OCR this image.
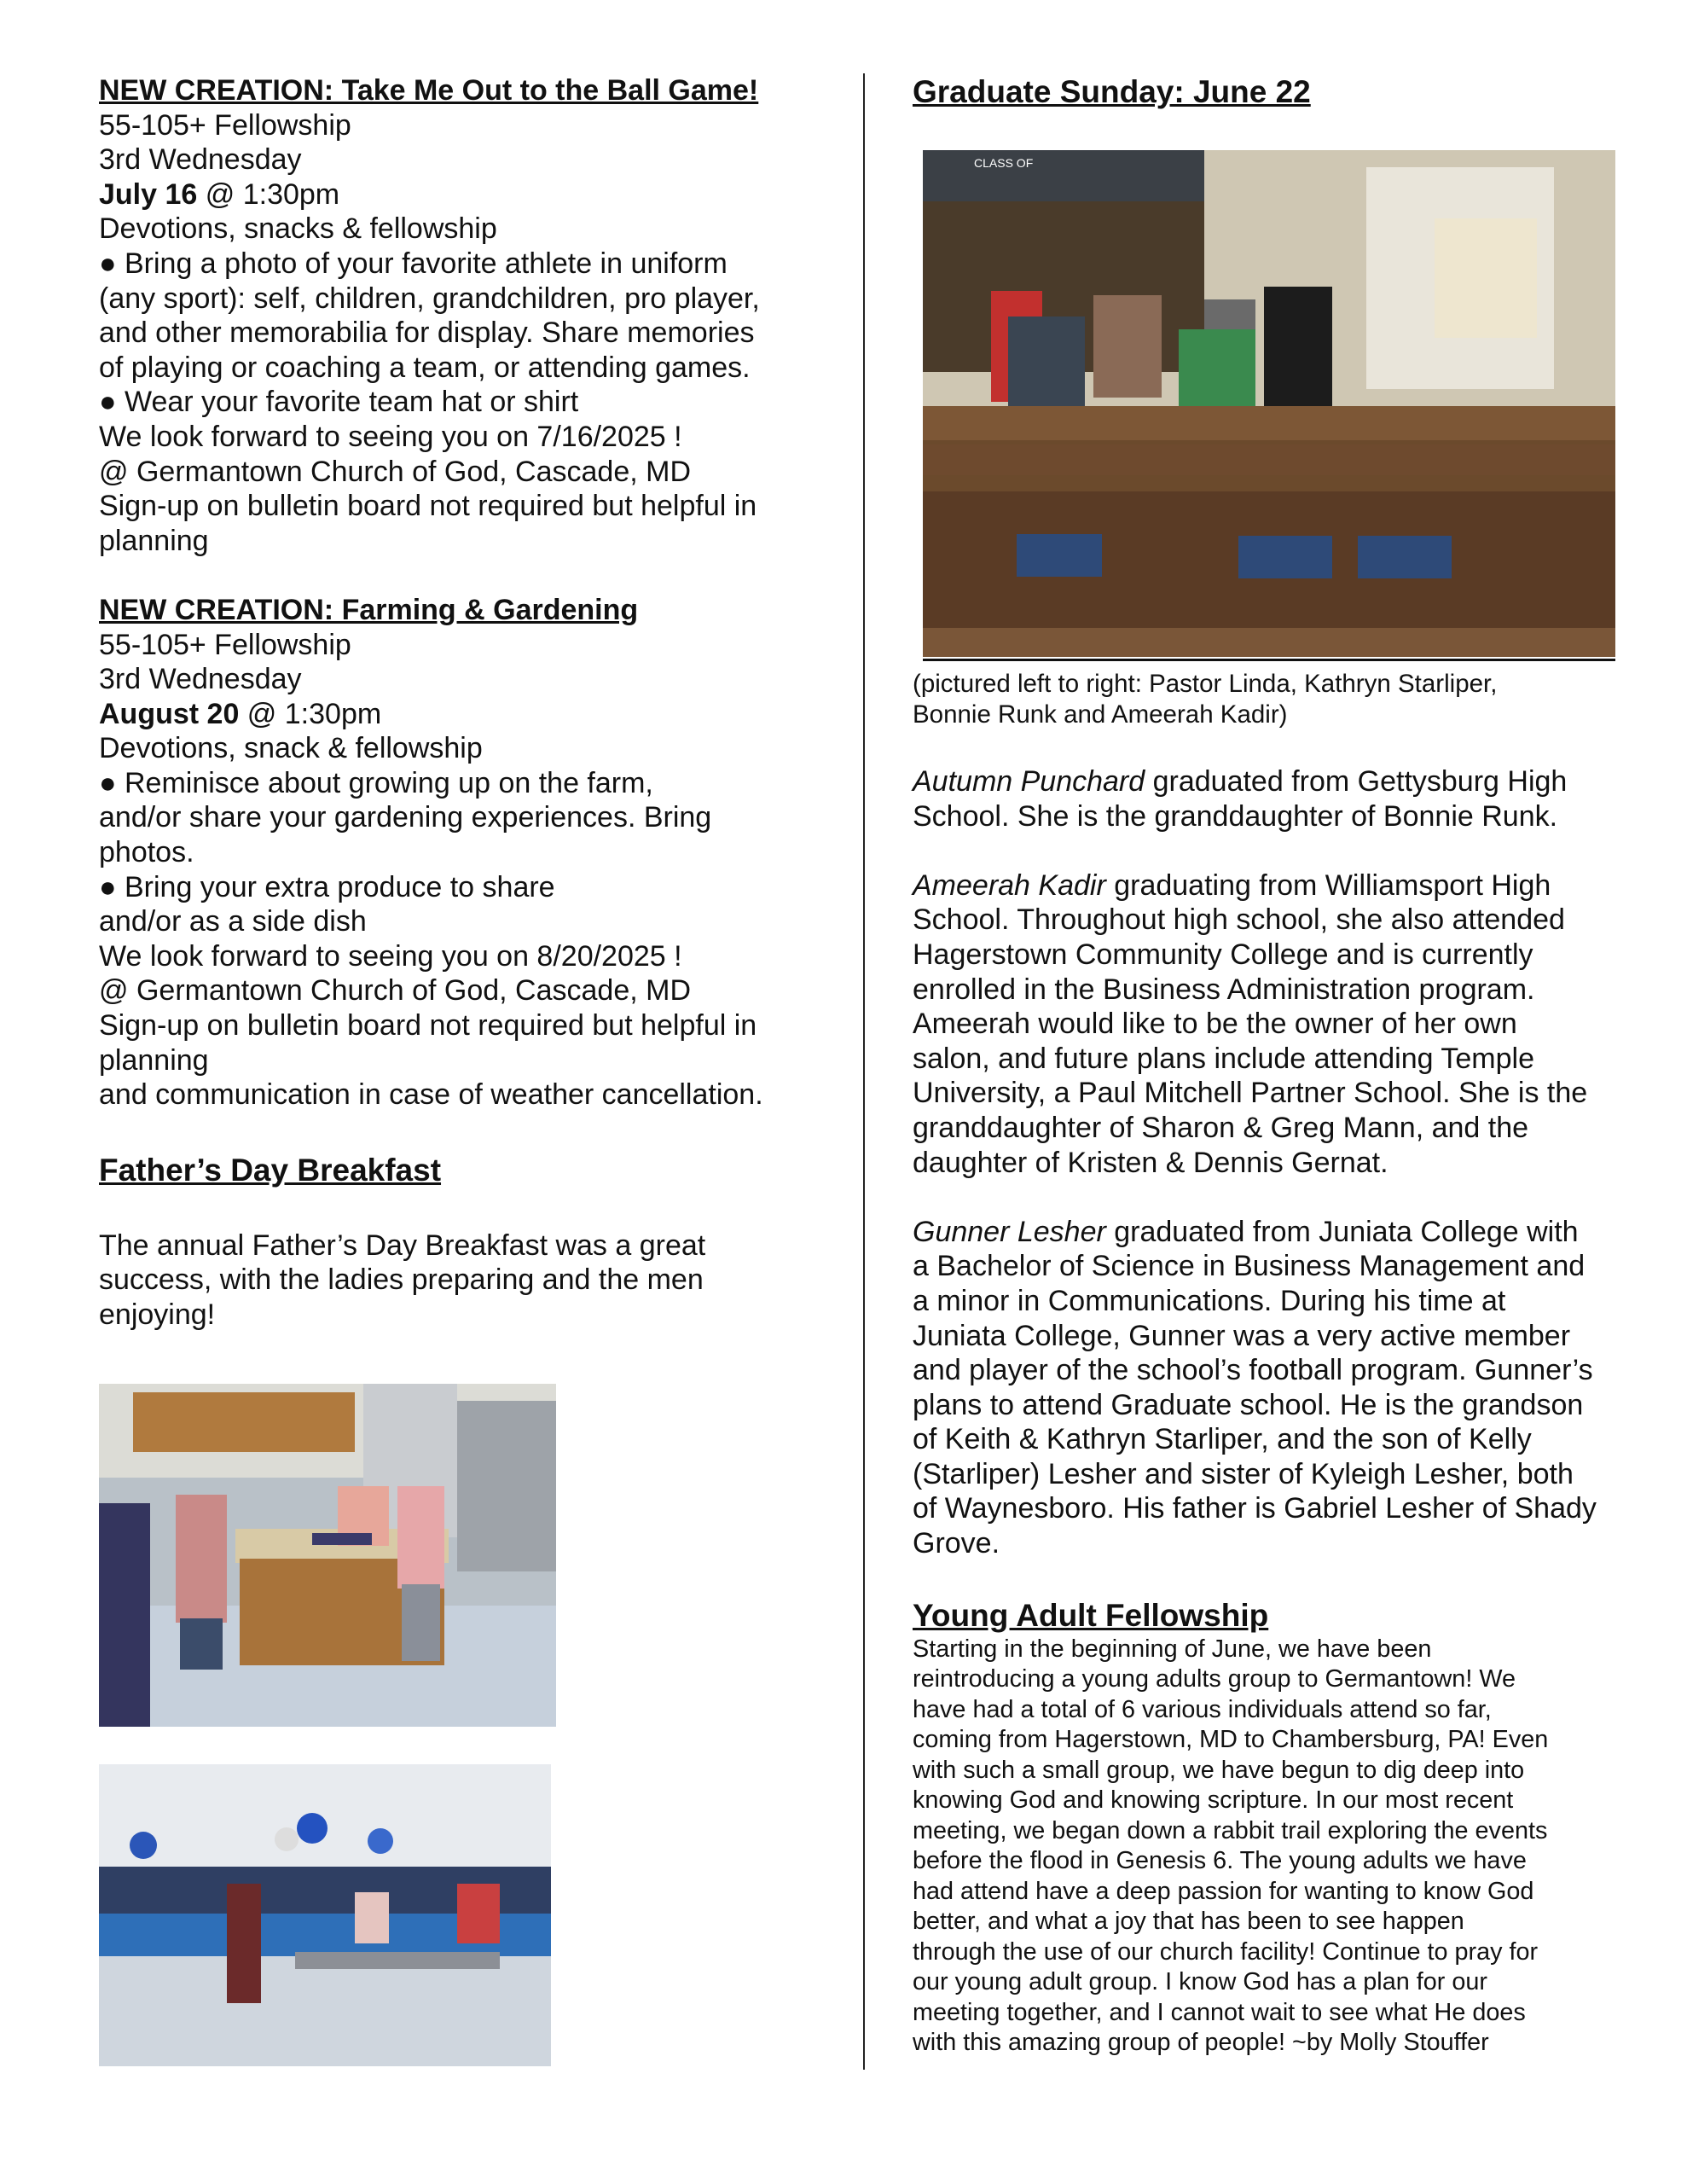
NEW CREATION: Take Me Out to the Ball Game!

55-105+ Fellowship

3rd Wednesday

July 16 @ 1:30pm

Devotions, snacks & fellowship

● Bring a photo of your favorite athlete in uniform

(any sport): self, children, grandchildren, pro player,

and other memorabilia for display. Share memories

of playing or coaching a team, or attending games.

● Wear your favorite team hat or shirt

We look forward to seeing you on 7/16/2025 !

@ Germantown Church of God, Cascade, MD

Sign-up on bulletin board not required but helpful in

planning

NEW CREATION: Farming & Gardening

55-105+ Fellowship

3rd Wednesday

August 20 @ 1:30pm

Devotions, snack & fellowship

● Reminisce about growing up on the farm,

and/or share your gardening experiences. Bring

photos.

● Bring your extra produce to share

and/or as a side dish

We look forward to seeing you on 8/20/2025 !

@ Germantown Church of God, Cascade, MD

Sign-up on bulletin board not required but helpful in

planning

and communication in case of weather cancellation.

Father’s Day Breakfast

The annual Father’s Day Breakfast was a great

success, with the ladies preparing and the men

enjoying!

Graduate Sunday: June 22

CLASS OF

(pictured left to right: Pastor Linda, Kathryn Starliper,

Bonnie Runk and Ameerah Kadir)

Autumn Punchard graduated from Gettysburg High

School. She is the granddaughter of Bonnie Runk.

Ameerah Kadir graduating from Williamsport High

School. Throughout high school, she also attended

Hagerstown Community College and is currently

enrolled in the Business Administration program.

Ameerah would like to be the owner of her own

salon, and future plans include attending Temple

University, a Paul Mitchell Partner School. She is the

granddaughter of Sharon & Greg Mann, and the

daughter of Kristen & Dennis Gernat.

Gunner Lesher graduated from Juniata College with

a Bachelor of Science in Business Management and

a minor in Communications. During his time at

Juniata College, Gunner was a very active member

and player of the school’s football program. Gunner’s

plans to attend Graduate school. He is the grandson

of Keith & Kathryn Starliper, and the son of Kelly

(Starliper) Lesher and sister of Kyleigh Lesher, both

of Waynesboro. His father is Gabriel Lesher of Shady

Grove.

Young Adult Fellowship

Starting in the beginning of June, we have been

reintroducing a young adults group to Germantown! We

have had a total of 6 various individuals attend so far,

coming from Hagerstown, MD to Chambersburg, PA! Even

with such a small group, we have begun to dig deep into

knowing God and knowing scripture. In our most recent

meeting, we began down a rabbit trail exploring the events

before the flood in Genesis 6. The young adults we have

had attend have a deep passion for wanting to know God

better, and what a joy that has been to see happen

through the use of our church facility! Continue to pray for

our young adult group. I know God has a plan for our

meeting together, and I cannot wait to see what He does

with this amazing group of people! ~by Molly Stouffer
